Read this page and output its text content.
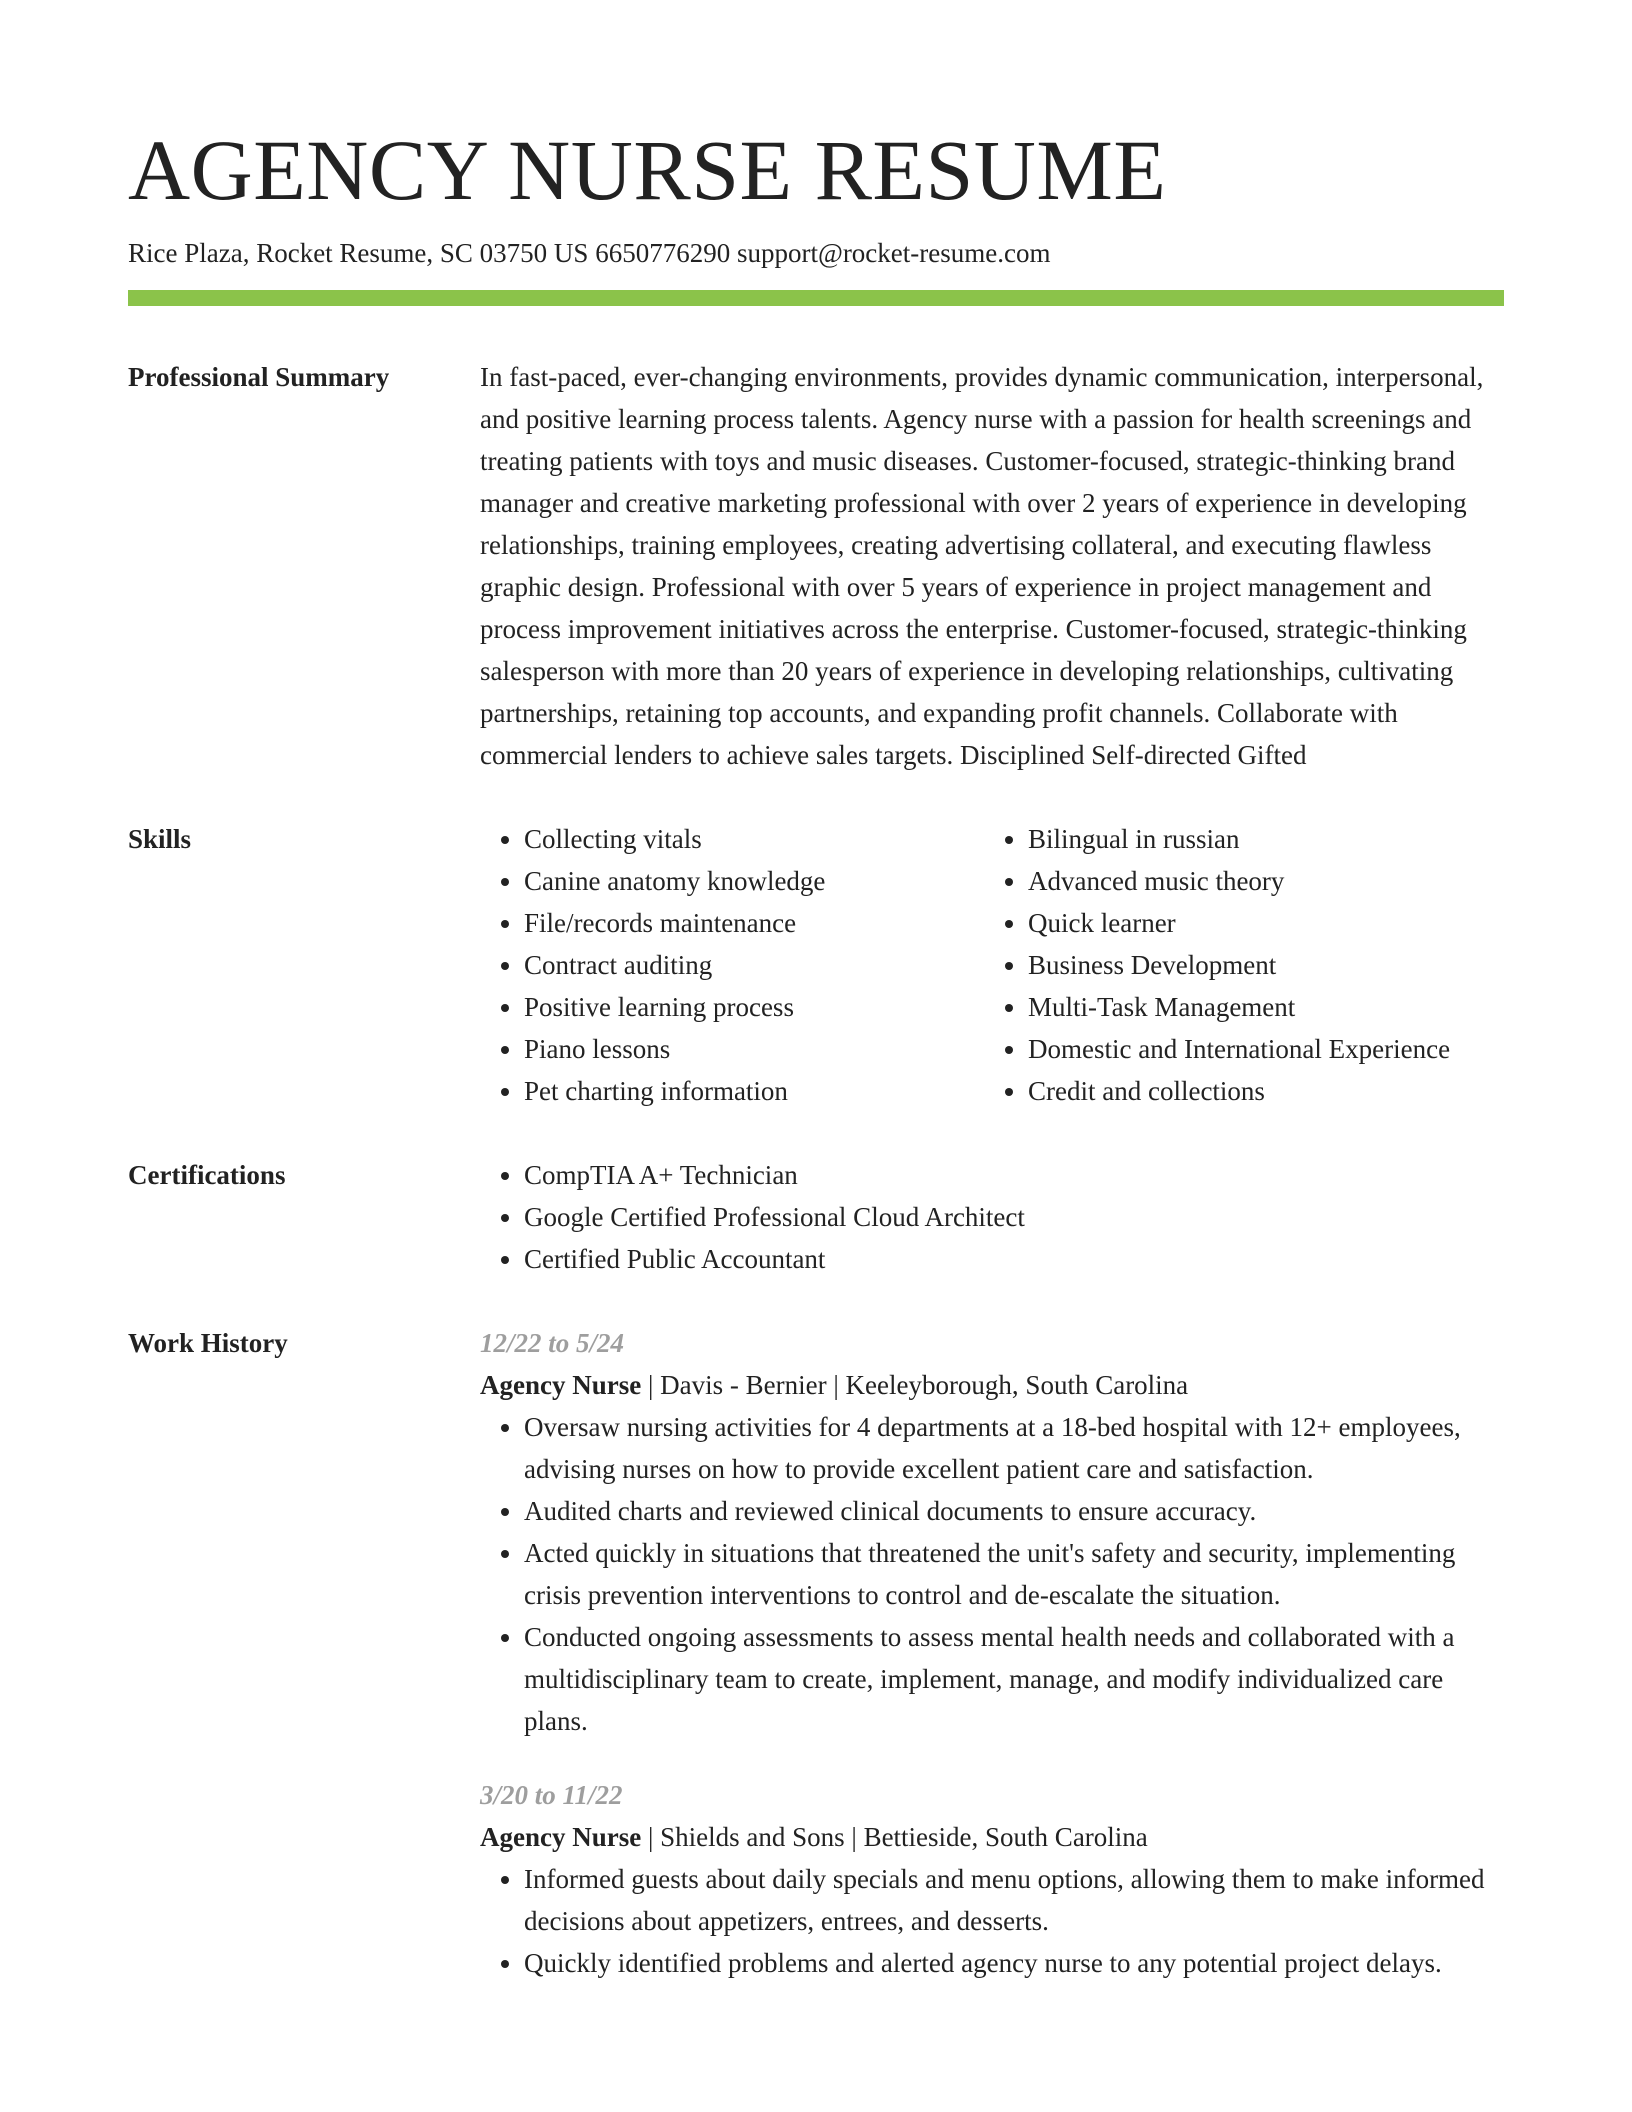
AGENCY NURSE RESUME
Rice Plaza, Rocket Resume, SC 03750 US 6650776290 support@rocket-resume.com
Professional Summary	In fast-paced, ever-changing environments, provides dynamic communication, interpersonal, and positive learning process talents. Agency nurse with a passion for health screenings and treating patients with toys and music diseases. Customer-focused, strategic-thinking brand manager and creative marketing professional with over 2 years of experience in developing relationships, training employees, creating advertising collateral, and executing flawless graphic design. Professional with over 5 years of experience in project management and process improvement initiatives across the enterprise. Customer-focused, strategic-thinking salesperson with more than 20 years of experience in developing relationships, cultivating partnerships, retaining top accounts, and expanding profit channels. Collaborate with commercial lenders to achieve sales targets. Disciplined Self-directed Gifted

Skills	• Collecting vitals
• Canine anatomy knowledge
• File/records maintenance
• Contract auditing
• Positive learning process
• Piano lessons
• Pet charting information
• Bilingual in russian
• Advanced music theory
• Quick learner
• Business Development
• Multi-Task Management
• Domestic and International Experience
• Credit and collections
Certifications	• CompTIA A+ Technician
• Google Certified Professional Cloud Architect
• Certified Public Accountant
Work History	12/22 to 5/24
Agency Nurse | Davis - Bernier | Keeleyborough, South Carolina
• Oversaw nursing activities for 4 departments at a 18-bed hospital with 12+ employees, advising nurses on how to provide excellent patient care and satisfaction.
• Audited charts and reviewed clinical documents to ensure accuracy.
• Acted quickly in situations that threatened the unit's safety and security, implementing crisis prevention interventions to control and de-escalate the situation.
• Conducted ongoing assessments to assess mental health needs and collaborated with a multidisciplinary team to create, implement, manage, and modify individualized care plans.
3/20 to 11/22
Agency Nurse | Shields and Sons | Bettieside, South Carolina
• Informed guests about daily specials and menu options, allowing them to make informed decisions about appetizers, entrees, and desserts.
• Quickly identified problems and alerted agency nurse to any potential project delays.
